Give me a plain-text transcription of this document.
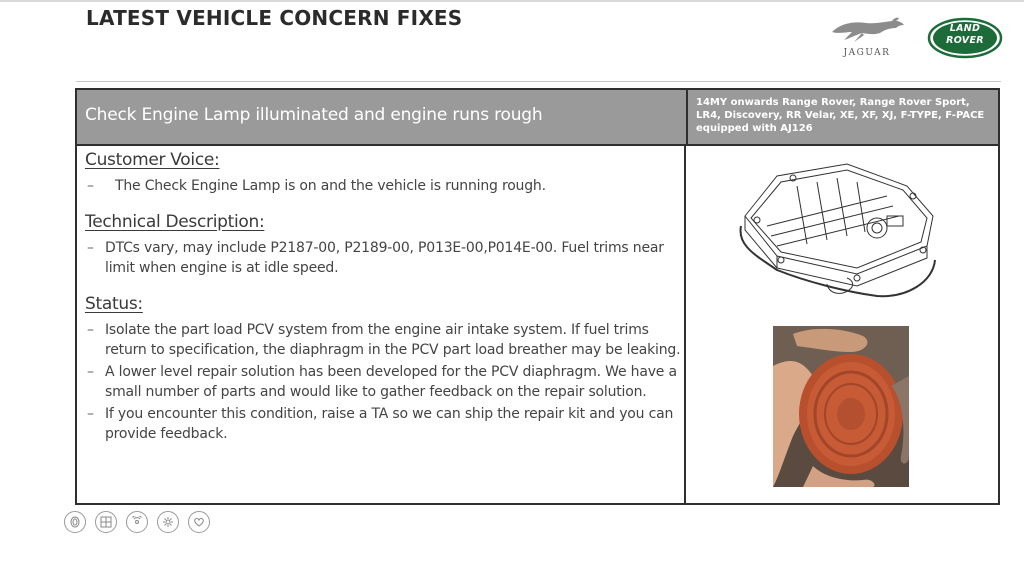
LATEST VEHICLE CONCERN FIXES
JAGUAR
LAND
ROVER
Check Engine Lamp illuminated and engine runs rough
14MY onwards Range Rover, Range Rover Sport, LR4, Discovery, RR Velar, XE, XF, XJ, F-TYPE, F-PACE equipped with AJ126
Customer Voice:
– The Check Engine Lamp is on and the vehicle is running rough.
Technical Description:
– DTCs vary, may include P2187-00, P2189-00, P013E-00,P014E-00. Fuel trims near limit when engine is at idle speed.
Status:
– Isolate the part load PCV system from the engine air intake system. If fuel trims return to specification, the diaphragm in the PCV part load breather may be leaking.
– A lower level repair solution has been developed for the PCV diaphragm. We have a small number of parts and would like to gather feedback on the repair solution.
– If you encounter this condition, raise a TA so we can ship the repair kit and you can provide feedback.
